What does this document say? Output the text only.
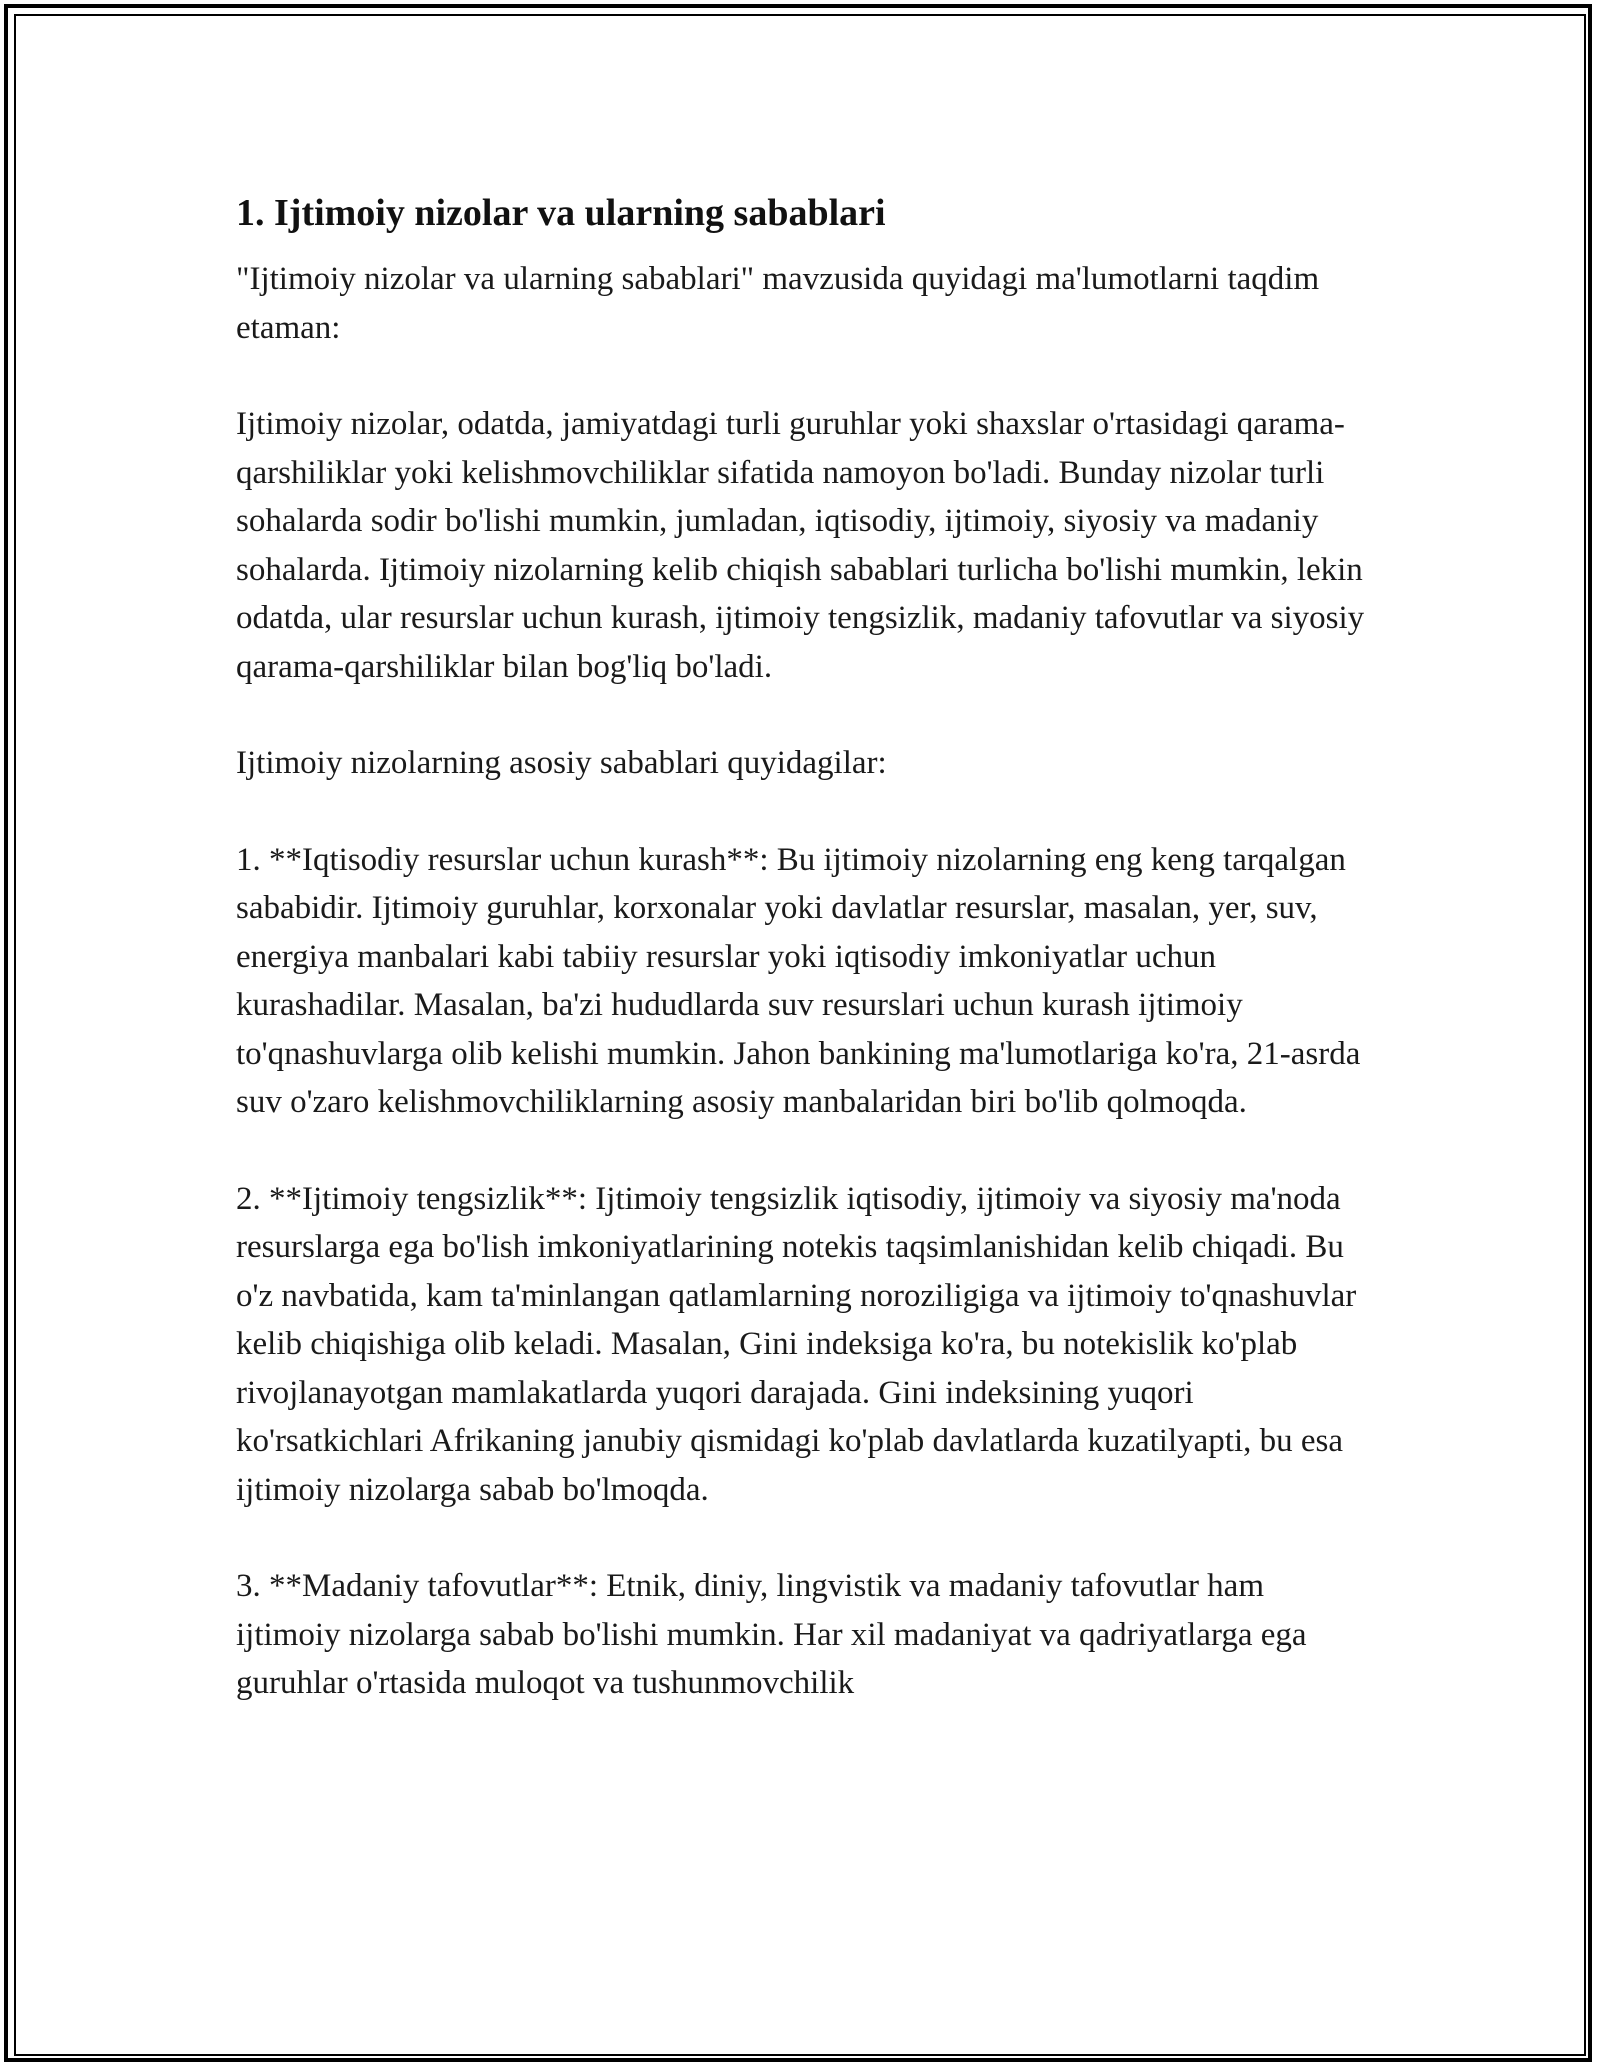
1. Ijtimoiy nizolar va ularning sabablari

"Ijtimoiy nizolar va ularning sabablari" mavzusida quyidagi ma'lumotlarni taqdim etaman:

Ijtimoiy nizolar, odatda, jamiyatdagi turli guruhlar yoki shaxslar o'rtasidagi qarama-qarshiliklar yoki kelishmovchiliklar sifatida namoyon bo'ladi. Bunday nizolar turli sohalarda sodir bo'lishi mumkin, jumladan, iqtisodiy, ijtimoiy, siyosiy va madaniy sohalarda. Ijtimoiy nizolarning kelib chiqish sabablari turlicha bo'lishi mumkin, lekin odatda, ular resurslar uchun kurash, ijtimoiy tengsizlik, madaniy tafovutlar va siyosiy qarama-qarshiliklar bilan bog'liq bo'ladi.

Ijtimoiy nizolarning asosiy sabablari quyidagilar:

1. **Iqtisodiy resurslar uchun kurash**: Bu ijtimoiy nizolarning eng keng tarqalgan sababidir. Ijtimoiy guruhlar, korxonalar yoki davlatlar resurslar, masalan, yer, suv, energiya manbalari kabi tabiiy resurslar yoki iqtisodiy imkoniyatlar uchun kurashadilar. Masalan, ba'zi hududlarda suv resurslari uchun kurash ijtimoiy to'qnashuvlarga olib kelishi mumkin. Jahon bankining ma'lumotlariga ko'ra, 21-asrda suv o'zaro kelishmovchiliklarning asosiy manbalaridan biri bo'lib qolmoqda.

2. **Ijtimoiy tengsizlik**: Ijtimoiy tengsizlik iqtisodiy, ijtimoiy va siyosiy ma'noda resurslarga ega bo'lish imkoniyatlarining notekis taqsimlanishidan kelib chiqadi. Bu o'z navbatida, kam ta'minlangan qatlamlarning noroziligiga va ijtimoiy to'qnashuvlar kelib chiqishiga olib keladi. Masalan, Gini indeksiga ko'ra, bu notekislik ko'plab rivojlanayotgan mamlakatlarda yuqori darajada. Gini indeksining yuqori ko'rsatkichlari Afrikaning janubiy qismidagi ko'plab davlatlarda kuzatilyapti, bu esa ijtimoiy nizolarga sabab bo'lmoqda.

3. **Madaniy tafovutlar**: Etnik, diniy, lingvistik va madaniy tafovutlar ham ijtimoiy nizolarga sabab bo'lishi mumkin. Har xil madaniyat va qadriyatlarga ega guruhlar o'rtasida muloqot va tushunmovchilik
